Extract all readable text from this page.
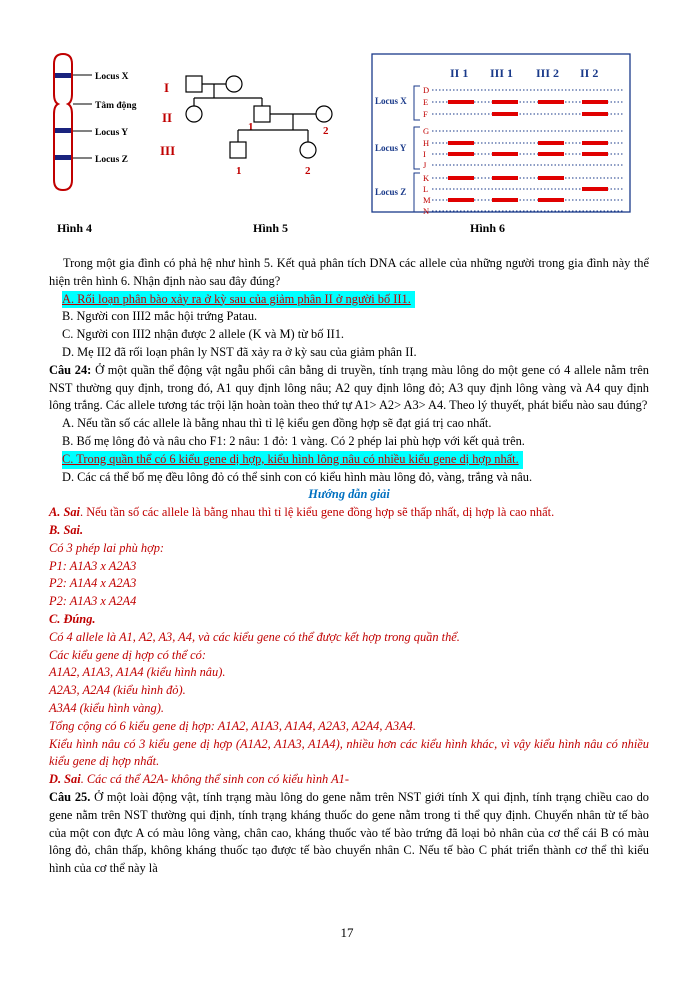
Locus X
Tâm động
Locus Y
Locus Z
I
II
III
1	2
1	2
II 1 III 1 III 2 II 2
Locus X
Locus Y
Locus Z
D
E
F
G
H
I
J
K
L
M
N
Hình 4	Hình 5	Hình 6

Trong một gia đình có phả hệ như hình 5. Kết quả phân tích DNA các allele của những người trong gia đình này thể hiện trên hình 6. Nhận định nào sau đây đúng?

A. Rối loạn phân bào xảy ra ở kỳ sau của giảm phân II ở người bố II1.

B. Người con III2 mắc hội trứng Patau.

C. Người con III2 nhận được 2 allele (K và M) từ bố II1.

D. Mẹ II2 đã rối loạn phân ly NST đã xảy ra ở kỳ sau của giảm phân II.

Câu 24: Ở một quần thể động vật ngẫu phối cân bằng di truyền, tính trạng màu lông do một gene có 4 allele nằm trên NST thường quy định, trong đó, A1 quy định lông nâu; A2 quy định lông đỏ; A3 quy định lông vàng và A4 quy định lông trắng. Các allele tương tác trội lặn hoàn toàn theo thứ tự A1> A2> A3> A4. Theo lý thuyết, phát biểu nào sau đúng?

A. Nếu tần số các allele là bằng nhau thì tỉ lệ kiểu gen đồng hợp sẽ đạt giá trị cao nhất.

B. Bố mẹ lông đỏ và nâu cho F1: 2 nâu: 1 đỏ: 1 vàng. Có 2 phép lai phù hợp với kết quả trên.

C. Trong quần thể có 6 kiểu gene dị hợp, kiểu hình lông nâu có nhiều kiểu gene dị hợp nhất.

D. Các cá thể bố mẹ đều lông đỏ có thể sinh con có kiểu hình màu lông đỏ, vàng, trắng và nâu.

Hướng dẫn giải

A. Sai. Nếu tần số các allele là bằng nhau thì tỉ lệ kiểu gene đồng hợp sẽ thấp nhất, dị hợp là cao nhất.

B. Sai.

Có 3 phép lai phù hợp:

P1: A1A3 x A2A3

P2: A1A4 x A2A3

P2: A1A3 x A2A4

C. Đúng.

Có 4 allele là A1, A2, A3, A4, và các kiểu gene có thể được kết hợp trong quần thể.

Các kiểu gene dị hợp có thể có:

A1A2, A1A3, A1A4 (kiểu hình nâu).

A2A3, A2A4 (kiểu hình đỏ).

A3A4 (kiểu hình vàng).

Tổng cộng có 6 kiểu gene dị hợp: A1A2, A1A3, A1A4, A2A3, A2A4, A3A4.

Kiểu hình nâu có 3 kiểu gene dị hợp (A1A2, A1A3, A1A4), nhiều hơn các kiểu hình khác, vì vậy kiểu hình nâu có nhiều kiểu gene dị hợp nhất.

D. Sai. Các cá thể A2A- không thể sinh con có kiểu hình A1-

Câu 25. Ở một loài động vật, tính trạng màu lông do gene nằm trên NST giới tính X qui định, tính trạng chiều cao do gene nằm trên NST thường qui định, tính trạng kháng thuốc do gene nằm trong ti thể quy định. Chuyển nhân từ tế bào của một con đực A có màu lông vàng, chân cao, kháng thuốc vào tế bào trứng đã loại bỏ nhân của cơ thể cái B có màu lông đỏ, chân thấp, không kháng thuốc tạo được tế bào chuyển nhân C. Nếu tế bào C phát triển thành cơ thể thì kiểu hình của cơ thể này là

17
